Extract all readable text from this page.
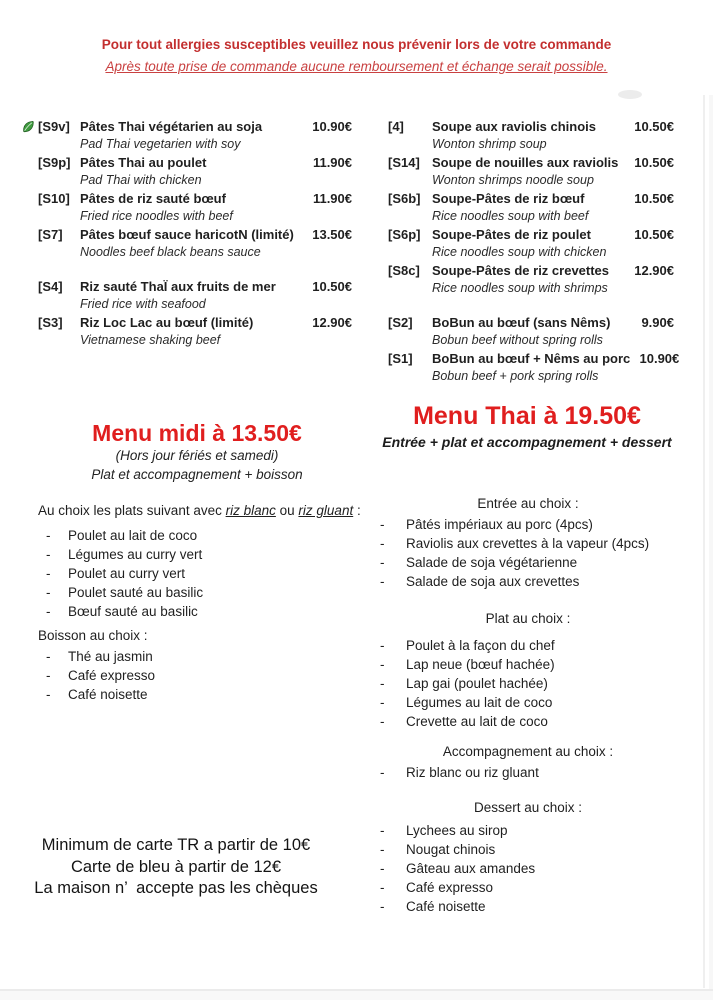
Pour tout allergies susceptibles veuillez nous prévenir lors de votre commande
Après toute prise de commande aucune remboursement et échange serait possible.
[S9v] Pâtes Thai végétarien au soja	10.90€
Pad Thai vegetarien with soy
[S9p] Pâtes Thai au poulet	11.90€
Pad Thai with chicken
[S10] Pâtes de riz sauté bœuf	11.90€
Fried rice noodles with beef
[S7]	Pâtes bœuf sauce haricotN (limité)	13.50€
Noodles beef black beans sauce
[S4]	Riz sauté ThaÏ aux fruits de mer	10.50€
Fried rice with seafood
[S3]	Riz Loc Lac au bœuf (limité)	12.90€
Vietnamese shaking beef
[4]	Soupe aux raviolis chinois	10.50€
Wonton shrimp soup
[S14] Soupe de nouilles aux raviolis	10.50€
Wonton shrimps noodle soup
[S6b] Soupe-Pâtes de riz bœuf	10.50€
Rice noodles soup with beef
[S6p] Soupe-Pâtes de riz poulet	10.50€
Rice noodles soup with chicken
[S8c] Soupe-Pâtes de riz crevettes	12.90€
Rice noodles soup with shrimps
[S2]	BoBun au bœuf (sans Nêms)	9.90€
Bobun beef without spring rolls
[S1]	BoBun au bœuf + Nêms au porc 10.90€
Bobun beef + pork spring rolls
Menu midi à 13.50€
(Hors jour fériés et samedi)
Plat et accompagnement + boisson
Menu Thai à 19.50€
Entrée + plat et accompagnement + dessert
Au choix les plats suivant avec riz blanc ou riz gluant :
-	Poulet au lait de coco
-	Légumes au curry vert
-	Poulet au curry vert
-	Poulet sauté au basilic
-	Bœuf sauté au basilic
Boisson au choix :
-	Thé au jasmin
-	Café expresso
-	Café noisette
Entrée au choix :
-	Pâtés impériaux au porc (4pcs)
-	Raviolis aux crevettes à la vapeur (4pcs)
-	Salade de soja végétarienne
-	Salade de soja aux crevettes
Plat au choix :
-	Poulet à la façon du chef
-	Lap neue (bœuf hachée)
-	Lap gai (poulet hachée)
-	Légumes au lait de coco
-	Crevette au lait de coco
Accompagnement au choix :
-	Riz blanc ou riz gluant
Dessert au choix :
-	Lychees au sirop
-	Nougat chinois
-	Gâteau aux amandes
-	Café expresso
-	Café noisette
Minimum de carte TR a partir de 10€
Carte de bleu à partir de 12€
La maison n’ accepte pas les chèques
